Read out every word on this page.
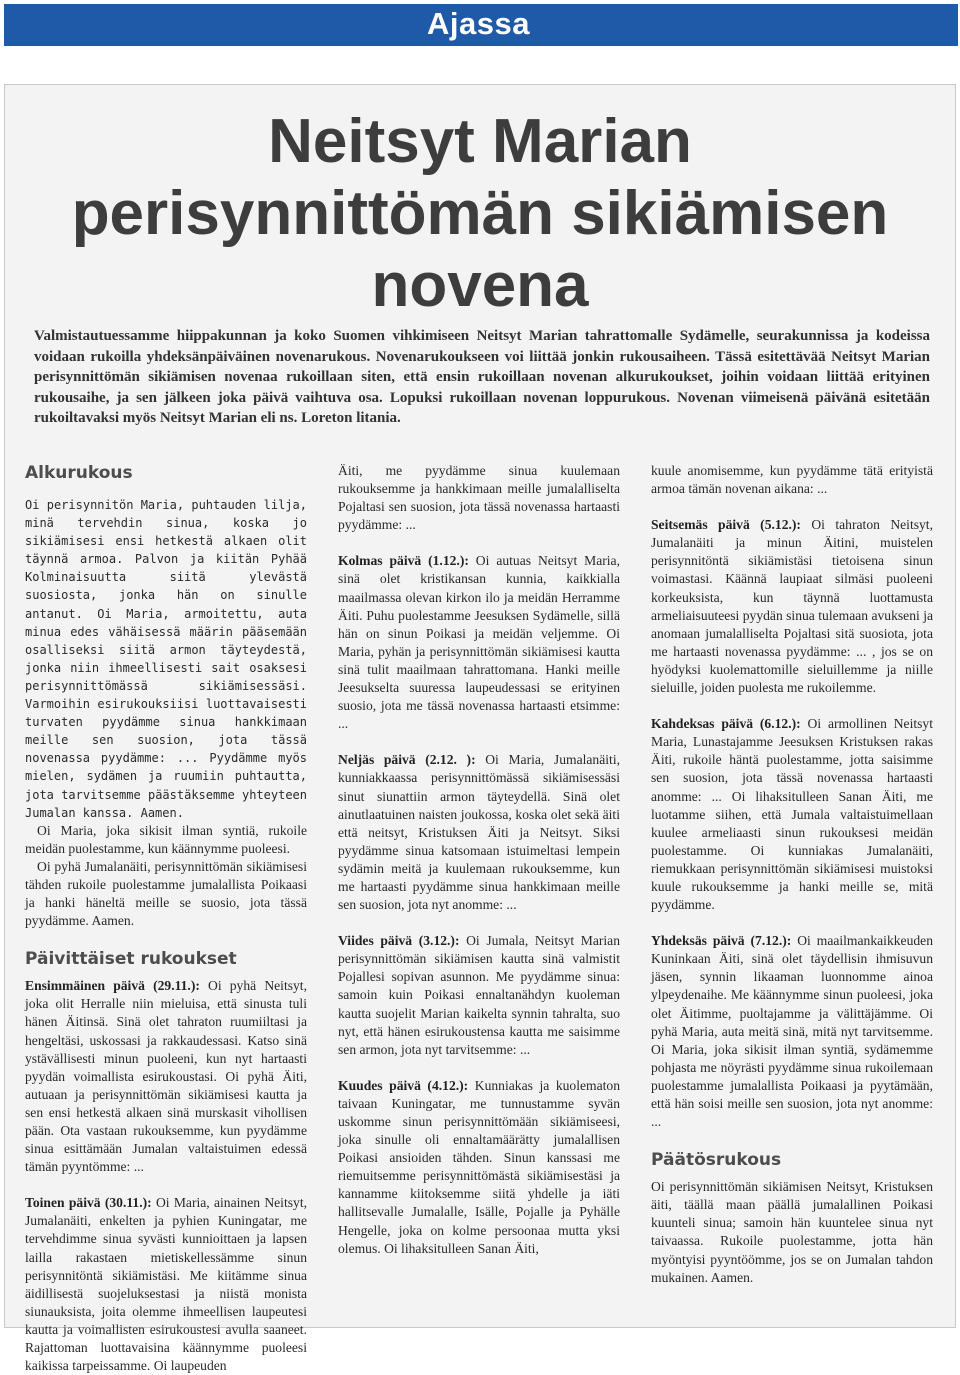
Ajassa
Neitsyt Marian
perisynnittömän sikiämisen
novena

Valmistautuessamme hiippakunnan ja koko Suomen vihkimiseen Neitsyt Marian tahrattomalle Sydämelle, seurakunnissa ja kodeissa voidaan rukoilla yhdeksänpäiväinen novenarukous. Novenarukoukseen voi liittää jonkin rukousaiheen. Tässä esitettävää Neitsyt Marian perisynnittömän sikiämisen novenaa rukoillaan siten, että ensin rukoillaan novenan alkurukoukset, joihin voidaan liittää erityinen rukousaihe, ja sen jälkeen joka päivä vaihtuva osa. Lopuksi rukoillaan novenan loppurukous. Novenan viimeisenä päivänä esitetään rukoiltavaksi myös Neitsyt Marian eli ns. Loreton litania.

Alkurukous

Oi perisynnitön Maria, puhtauden lilja, minä tervehdin sinua, koska jo sikiämisesi ensi hetkestä alkaen olit täynnä armoa. Palvon ja kiitän Pyhää Kolminaisuutta siitä ylevästä suosiosta, jonka hän on sinulle antanut. Oi Maria, armoitettu, auta minua edes vähäisessä määrin pääsemään osalliseksi siitä armon täyteydestä, jonka niin ihmeellisesti sait osaksesi perisynnittömässä sikiämisessäsi. Varmoihin esirukouksiisi luottavaisesti turvaten pyydämme sinua hankkimaan meille sen suosion, jota tässä novenassa pyydämme: ... Pyydämme myös mielen, sydämen ja ruumiin puhtautta, jota tarvitsemme päästäksemme yhteyteen Jumalan kanssa. Aamen.

Oi Maria, joka sikisit ilman syntiä, rukoile meidän puolestamme, kun käännymme puoleesi.

Oi pyhä Jumalanäiti, perisynnittömän sikiämisesi tähden rukoile puolestamme jumalallista Poikaasi ja hanki häneltä meille se suosio, jota tässä pyydämme. Aamen.

Päivittäiset rukoukset

Ensimmäinen päivä (29.11.): Oi pyhä Neitsyt, joka olit Herralle niin mieluisa, että sinusta tuli hänen Äitinsä. Sinä olet tahraton ruumiiltasi ja hengeltäsi, uskossasi ja rakkaudessasi. Katso sinä ystävällisesti minun puoleeni, kun nyt hartaasti pyydän voimallista esirukoustasi. Oi pyhä Äiti, autuaan ja perisynnittömän sikiämisesi kautta ja sen ensi hetkestä alkaen sinä murskasit vihollisen pään. Ota vastaan rukouksemme, kun pyydämme sinua esittämään Jumalan valtaistuimen edessä tämän pyyntömme: ...

Toinen päivä (30.11.): Oi Maria, ainainen Neitsyt, Jumalanäiti, enkelten ja pyhien Kuningatar, me tervehdimme sinua syvästi kunnioittaen ja lapsen lailla rakastaen mietiskellessämme sinun perisynnitöntä sikiämistäsi. Me kiitämme sinua äidillisestä suojeluksestasi ja niistä monista siunauksista, joita olemme ihmeellisen laupeutesi kautta ja voimallisten esirukoustesi avulla saaneet. Rajattoman luottavaisina käännymme puoleesi kaikissa tarpeissamme. Oi laupeuden

Äiti, me pyydämme sinua kuulemaan rukouksemme ja hankkimaan meille jumalalliselta Pojaltasi sen suosion, jota tässä novenassa hartaasti pyydämme: ...

Kolmas päivä (1.12.): Oi autuas Neitsyt Maria, sinä olet kristikansan kunnia, kaikkialla maailmassa olevan kirkon ilo ja meidän Herramme Äiti. Puhu puolestamme Jeesuksen Sydämelle, sillä hän on sinun Poikasi ja meidän veljemme. Oi Maria, pyhän ja perisynnittömän sikiämisesi kautta sinä tulit maailmaan tahrattomana. Hanki meille Jeesukselta suuressa laupeudessasi se erityinen suosio, jota me tässä novenassa hartaasti etsimme: ...

Neljäs päivä (2.12. ): Oi Maria, Jumalanäiti, kunniakkaassa perisynnittömässä sikiämisessäsi sinut siunattiin armon täyteydellä. Sinä olet ainutlaatuinen naisten joukossa, koska olet sekä äiti että neitsyt, Kristuksen Äiti ja Neitsyt. Siksi pyydämme sinua katsomaan istuimeltasi lempein sydämin meitä ja kuulemaan rukouksemme, kun me hartaasti pyydämme sinua hankkimaan meille sen suosion, jota nyt anomme: ...

Viides päivä (3.12.): Oi Jumala, Neitsyt Marian perisynnittömän sikiämisen kautta sinä valmistit Pojallesi sopivan asunnon. Me pyydämme sinua: samoin kuin Poikasi ennaltanähdyn kuoleman kautta suojelit Marian kaikelta synnin tahralta, suo nyt, että hänen esirukoustensa kautta me saisimme sen armon, jota nyt tarvitsemme: ...

Kuudes päivä (4.12.): Kunniakas ja kuolematon taivaan Kuningatar, me tunnustamme syvän uskomme sinun perisynnittömään sikiämiseesi, joka sinulle oli ennaltamäärätty jumalallisen Poikasi ansioiden tähden. Sinun kanssasi me riemuitsemme perisynnittömästä sikiämisestäsi ja kannamme kiitoksemme siitä yhdelle ja iäti hallitsevalle Jumalalle, Isälle, Pojalle ja Pyhälle Hengelle, joka on kolme persoonaa mutta yksi olemus. Oi lihaksitulleen Sanan Äiti,

kuule anomisemme, kun pyydämme tätä erityistä armoa tämän novenan aikana: ...

Seitsemäs päivä (5.12.): Oi tahraton Neitsyt, Jumalanäiti ja minun Äitini, muistelen perisynnitöntä sikiämistäsi tietoisena sinun voimastasi. Käännä laupiaat silmäsi puoleeni korkeuksista, kun täynnä luottamusta armeliaisuuteesi pyydän sinua tulemaan avukseni ja anomaan jumalalliselta Pojaltasi sitä suosiota, jota me hartaasti novenassa pyydämme: ... , jos se on hyödyksi kuolemattomille sieluillemme ja niille sieluille, joiden puolesta me rukoilemme.

Kahdeksas päivä (6.12.): Oi armollinen Neitsyt Maria, Lunastajamme Jeesuksen Kristuksen rakas Äiti, rukoile häntä puolestamme, jotta saisimme sen suosion, jota tässä novenassa hartaasti anomme: ... Oi lihaksitulleen Sanan Äiti, me luotamme siihen, että Jumala valtaistuimellaan kuulee armeliaasti sinun rukouksesi meidän puolestamme. Oi kunniakas Jumalanäiti, riemukkaan perisynnittömän sikiämisesi muistoksi kuule rukouksemme ja hanki meille se, mitä pyydämme.

Yhdeksäs päivä (7.12.): Oi maailmankaikkeuden Kuninkaan Äiti, sinä olet täydellisin ihmisuvun jäsen, synnin likaaman luonnomme ainoa ylpeydenaihe. Me käännymme sinun puoleesi, joka olet Äitimme, puoltajamme ja välittäjämme. Oi pyhä Maria, auta meitä sinä, mitä nyt tarvitsemme. Oi Maria, joka sikisit ilman syntiä, sydämemme pohjasta me nöyrästi pyydämme sinua rukoilemaan puolestamme jumalallista Poikaasi ja pyytämään, että hän soisi meille sen suosion, jota nyt anomme: ...

Päätösrukous

Oi perisynnittömän sikiämisen Neitsyt, Kristuksen äiti, täällä maan päällä jumalallinen Poikasi kuunteli sinua; samoin hän kuuntelee sinua nyt taivaassa. Rukoile puolestamme, jotta hän myöntyisi pyyntöömme, jos se on Jumalan tahdon mukainen. Aamen.
